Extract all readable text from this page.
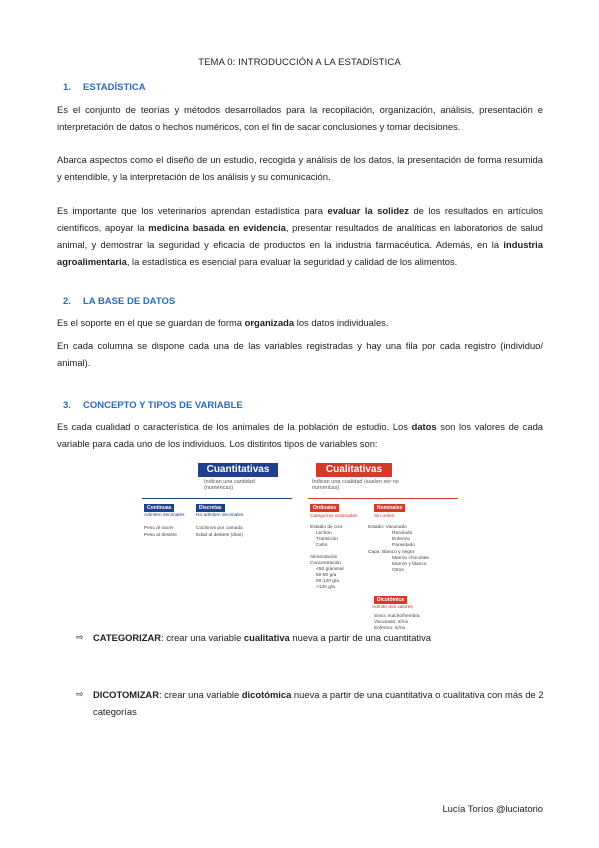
TEMA 0: INTRODUCCIÓN A LA ESTADÍSTICA
1. ESTADÍSTICA
Es el conjunto de teorías y métodos desarrollados para la recopilación, organización, análisis, presentación e interpretación de datos o hechos numéricos, con el fin de sacar conclusiones y tomar decisiones.
Abarca aspectos como el diseño de un estudio, recogida y análisis de los datos, la presentación de forma resumida y entendible, y la interpretación de los análisis y su comunicación.
Es importante que los veterinarios aprendan estadística para evaluar la solidez de los resultados en artículos científicos, apoyar la medicina basada en evidencia, presentar resultados de analíticas en laboratorios de salud animal, y demostrar la seguridad y eficacia de productos en la industria farmacéutica. Además, en la industria agroalimentaria, la estadística es esencial para evaluar la seguridad y calidad de los alimentos.
2. LA BASE DE DATOS
Es el soporte en el que se guardan de forma organizada los datos individuales.
En cada columna se dispone cada una de las variables registradas y hay una fila por cada registro (individuo/ animal).
3. CONCEPTO Y TIPOS DE VARIABLE
Es cada cualidad o característica de los animales de la población de estudio. Los datos son los valores de cada variable para cada uno de los individuos. Los distintos tipos de variables son:
Cuantitativas
Indican una cantidad (numéricas)
Continuas
Admiten decimales
Peso al nacer
Peso al destete
Discretas
No admiten decimales
Cochinos por camada
Edad al destete (días)
Cualitativas
Indican una cualidad (suelen ser no numéricas)
Ordinales
Categorías ordenadas
Estadio de cría
Lechón
Transición
Cebo
Alimentación
Concentración
<50 g/animal
50-80 g/a
80-120 g/a
>120 g/a
Nominales
Sin orden
Estado: Vacunado
Recelado
Enfermo
Parasitado
Capa: Blanco y negro
Marrón chocolate
Marrón y blanco
Otros
Dicotómica
Admite dos valores
Sexo: macho/hembra
Vacunado: sí/no
Enfermo: sí/no
⇨ CATEGORIZAR: crear una variable cualitativa nueva a partir de una cuantitativa
⇨ DICOTOMIZAR: crear una variable dicotómica nueva a partir de una cuantitativa o cualitativa con más de 2 categorías
Lucía Toríos @luciatorio
